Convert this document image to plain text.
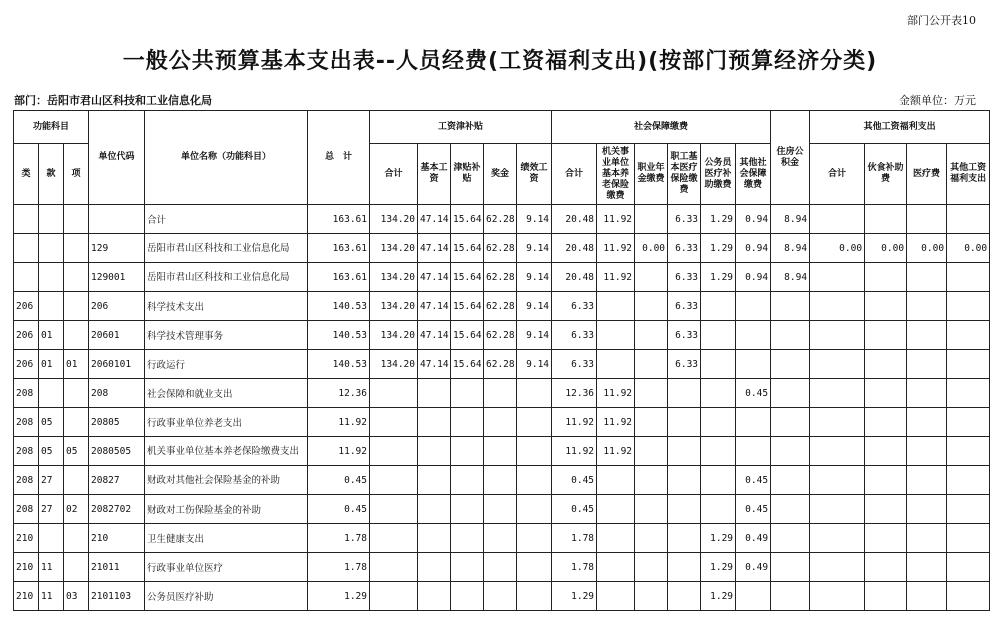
部门公开表10
一般公共预算基本支出表--人员经费(工资福利支出)(按部门预算经济分类)
部门：岳阳市君山区科技和工业信息化局	金额单位：万元
功能科目			单位代码	单位名称（功能科目）	总　计	工资津补贴					社会保障缴费						住房公积金	其他工资福利支出			
类	款	项				合计	基本工资	津贴补贴	奖金	绩效工资	合计	机关事业单位基本养老保险缴费	职业年金缴费	职工基本医疗保险缴费	公务员医疗补助缴费	其他社会保障缴费		合计	伙食补助费	医疗费	其他工资福利支出
				合计	163.61	134.20	47.14	15.64	62.28	9.14	20.48	11.92		6.33	1.29	0.94	8.94				
			129	岳阳市君山区科技和工业信息化局	163.61	134.20	47.14	15.64	62.28	9.14	20.48	11.92	0.00	6.33	1.29	0.94	8.94	0.00	0.00	0.00	0.00
			129001	岳阳市君山区科技和工业信息化局	163.61	134.20	47.14	15.64	62.28	9.14	20.48	11.92		6.33	1.29	0.94	8.94				
206			206	科学技术支出	140.53	134.20	47.14	15.64	62.28	9.14	6.33			6.33							
206	01		20601	科学技术管理事务	140.53	134.20	47.14	15.64	62.28	9.14	6.33			6.33							
206	01	01	2060101	行政运行	140.53	134.20	47.14	15.64	62.28	9.14	6.33			6.33							
208			208	社会保障和就业支出	12.36						12.36	11.92				0.45					
208	05		20805	行政事业单位养老支出	11.92						11.92	11.92									
208	05	05	2080505	机关事业单位基本养老保险缴费支出	11.92						11.92	11.92									
208	27		20827	财政对其他社会保险基金的补助	0.45						0.45					0.45					
208	27	02	2082702	财政对工伤保险基金的补助	0.45						0.45					0.45					
210			210	卫生健康支出	1.78						1.78				1.29	0.49					
210	11		21011	行政事业单位医疗	1.78						1.78				1.29	0.49					
210	11	03	2101103	公务员医疗补助	1.29						1.29				1.29						
